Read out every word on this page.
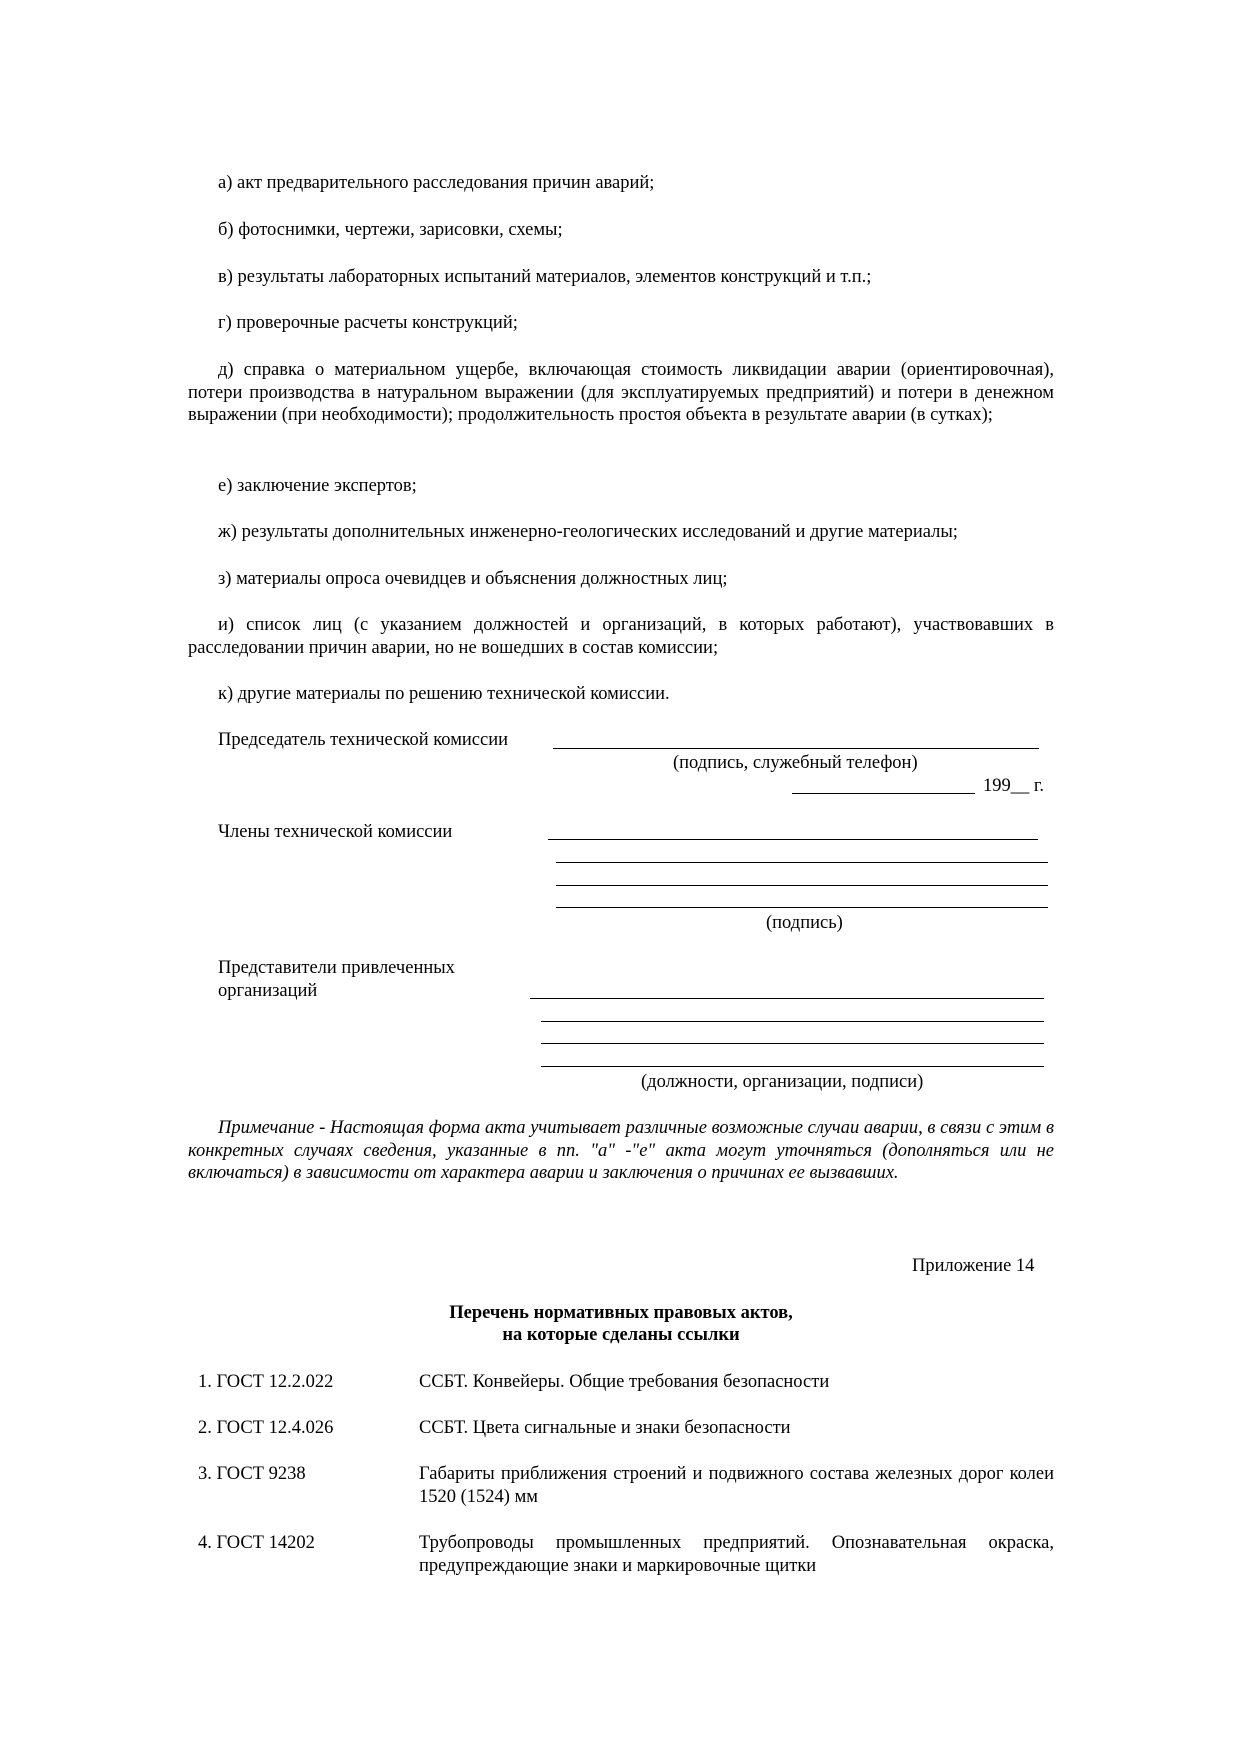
а) акт предварительного расследования причин аварий;
б) фотоснимки, чертежи, зарисовки, схемы;
в) результаты лабораторных испытаний материалов, элементов конструкций и т.п.;
г) проверочные расчеты конструкций;
д) справка о материальном ущербе, включающая стоимость ликвидации аварии (ориентировочная), потери производства в натуральном выражении (для эксплуатируемых предприятий) и потери в денежном выражении (при необходимости); продолжительность простоя объекта в результате аварии (в сутках);
е) заключение экспертов;
ж) результаты дополнительных инженерно-геологических исследований и другие материалы;
з) материалы опроса очевидцев и объяснения должностных лиц;
и) список лиц (с указанием должностей и организаций, в которых работают), участвовавших в расследовании причин аварии, но не вошедших в состав комиссии;
к) другие материалы по решению технической комиссии.
Председатель технической комиссии
(подпись, служебный телефон)
199__ г.
Члены технической комиссии
(подпись)
Представители привлеченных
организаций
(должности, организации, подписи)
Примечание - Настоящая форма акта учитывает различные возможные случаи аварии, в связи с этим в конкретных случаях сведения, указанные в пп. "а" -"е" акта могут уточняться (дополняться или не включаться) в зависимости от характера аварии и заключения о причинах ее вызвавших.
Приложение 14
Перечень нормативных правовых актов,
на которые сделаны ссылки
1. ГОСТ 12.2.022	ССБТ. Конвейеры. Общие требования безопасности
2. ГОСТ 12.4.026	ССБТ. Цвета сигнальные и знаки безопасности
3. ГОСТ 9238	Габариты приближения строений и подвижного состава железных дорог колеи 1520 (1524) мм
4. ГОСТ 14202	Трубопроводы промышленных предприятий. Опознавательная окраска, предупреждающие знаки и маркировочные щитки
